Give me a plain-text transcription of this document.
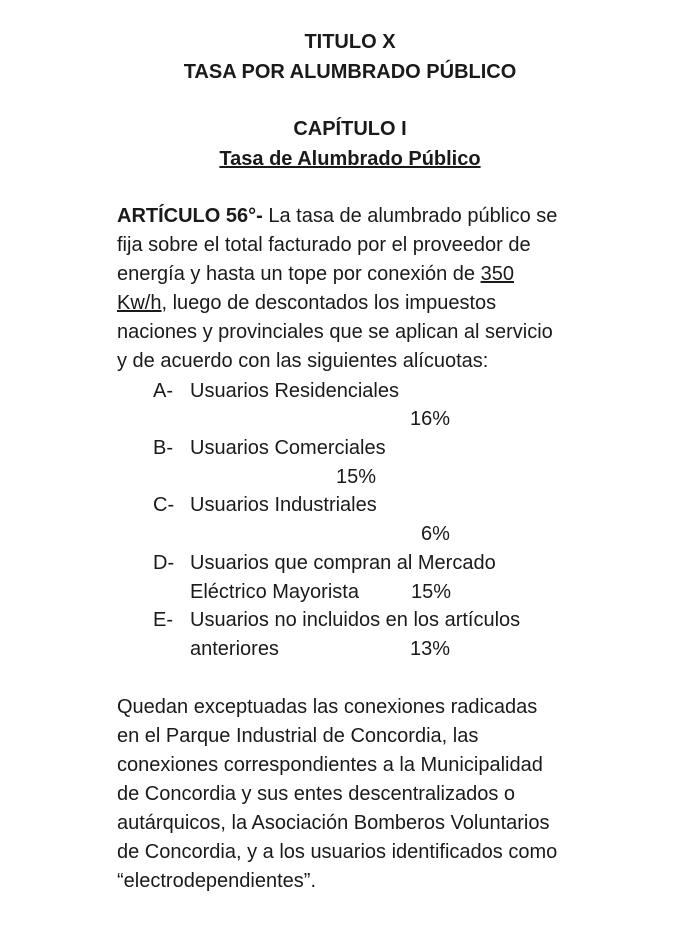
TITULO X
TASA POR ALUMBRADO PÚBLICO
CAPÍTULO I
Tasa de Alumbrado Público
ARTÍCULO 56°- La tasa de alumbrado público se
fija sobre el total facturado por el proveedor de
energía y hasta un tope por conexión de 350
Kw/h, luego de descontados los impuestos
naciones y provinciales que se aplican al servicio
y de acuerdo con las siguientes alícuotas:
A- Usuarios Residenciales
16%
B- Usuarios Comerciales
15%
C- Usuarios Industriales
6%
D- Usuarios que compran al Mercado
Eléctrico Mayorista	15%
E- Usuarios no incluidos en los artículos
anteriores	13%
Quedan exceptuadas las conexiones radicadas
en el Parque Industrial de Concordia, las
conexiones correspondientes a la Municipalidad
de Concordia y sus entes descentralizados o
autárquicos, la Asociación Bomberos Voluntarios
de Concordia, y a los usuarios identificados como
“electrodependientes”.
